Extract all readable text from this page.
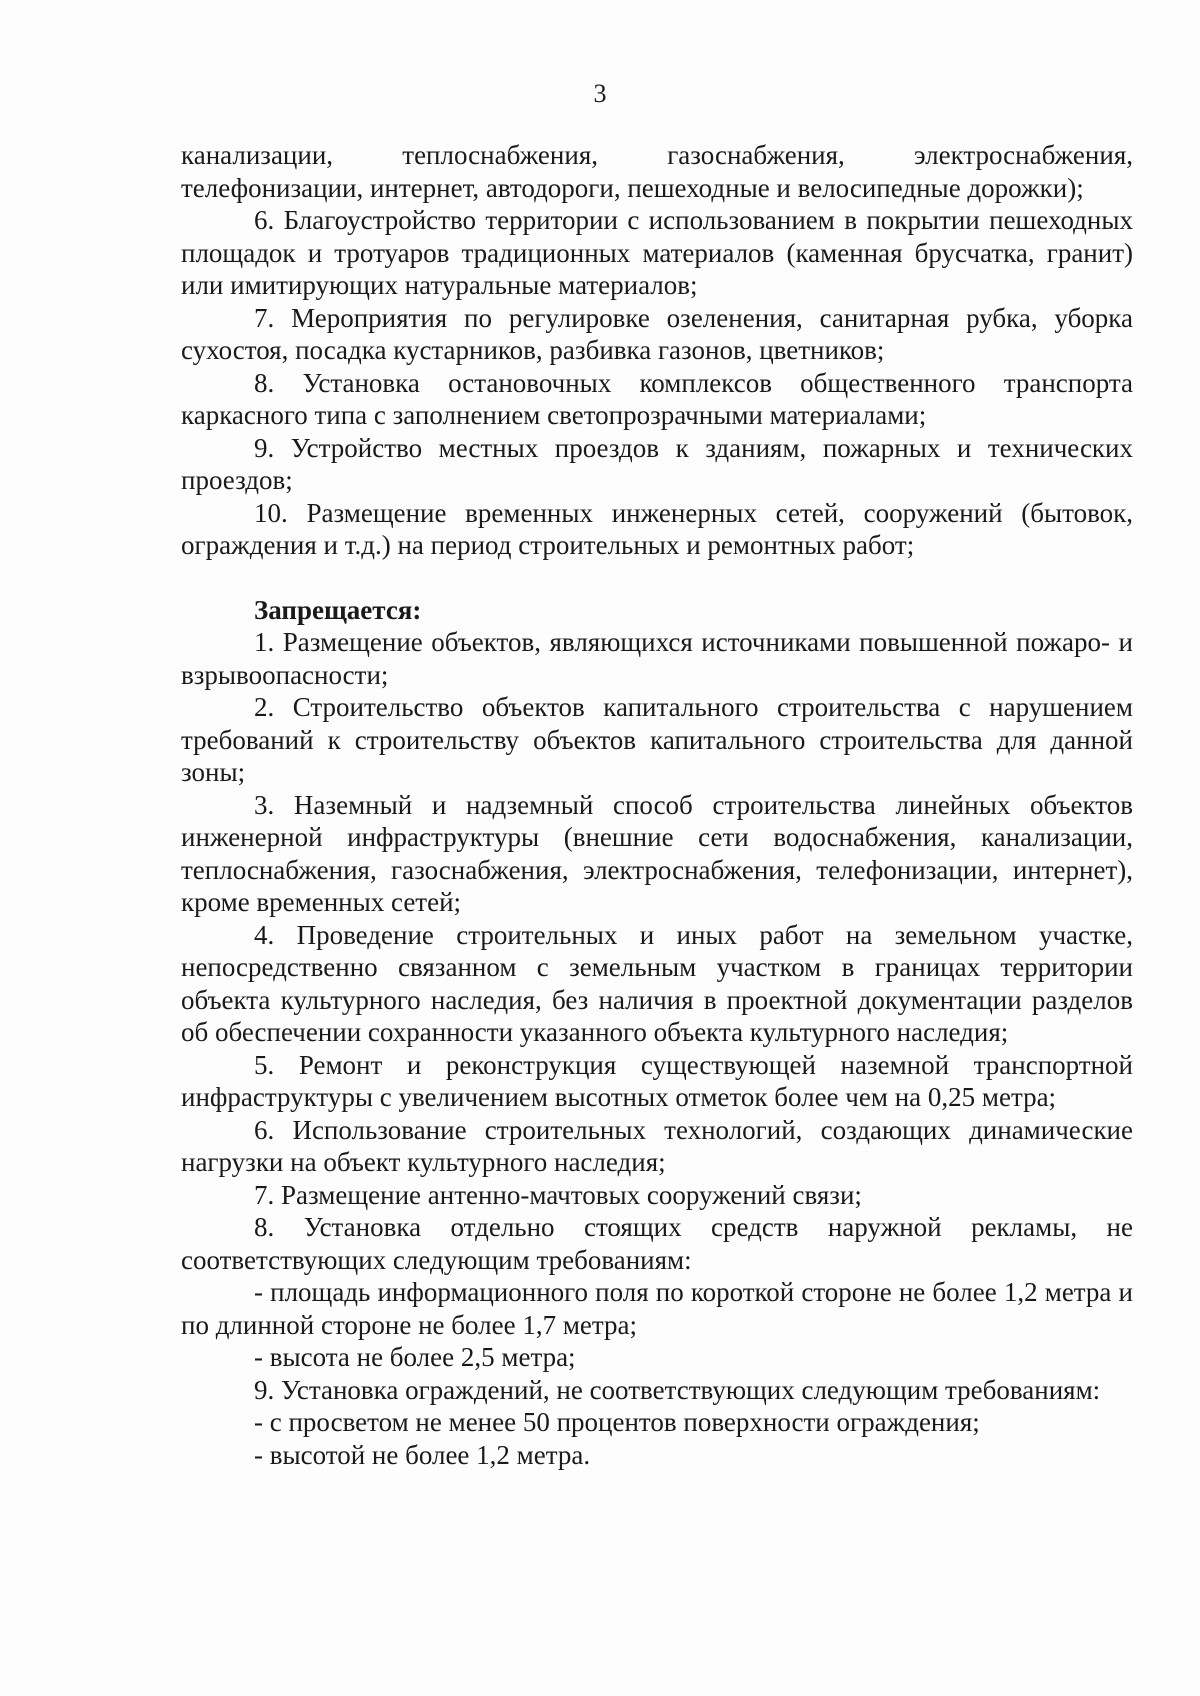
3

канализации, теплоснабжения, газоснабжения, электроснабжения, телефонизации, интернет, автодороги, пешеходные и велосипедные дорожки);

6. Благоустройство территории с использованием в покрытии пешеходных площадок и тротуаров традиционных материалов (каменная брусчатка, гранит) или имитирующих натуральные материалов;

7. Мероприятия по регулировке озеленения, санитарная рубка, уборка сухостоя, посадка кустарников, разбивка газонов, цветников;

8. Установка остановочных комплексов общественного транспорта каркасного типа с заполнением светопрозрачными материалами;

9. Устройство местных проездов к зданиям, пожарных и технических проездов;

10. Размещение временных инженерных сетей, сооружений (бытовок, ограждения и т.д.) на период строительных и ремонтных работ;

Запрещается:

1. Размещение объектов, являющихся источниками повышенной пожаро- и взрывоопасности;

2. Строительство объектов капитального строительства с нарушением требований к строительству объектов капитального строительства для данной зоны;

3. Наземный и надземный способ строительства линейных объектов инженерной инфраструктуры (внешние сети водоснабжения, канализации, теплоснабжения, газоснабжения, электроснабжения, телефонизации, интернет), кроме временных сетей;

4. Проведение строительных и иных работ на земельном участке, непосредственно связанном с земельным участком в границах территории объекта культурного наследия, без наличия в проектной документации разделов об обеспечении сохранности указанного объекта культурного наследия;

5. Ремонт и реконструкция существующей наземной транспортной инфраструктуры с увеличением высотных отметок более чем на 0,25 метра;

6. Использование строительных технологий, создающих динамические нагрузки на объект культурного наследия;

7. Размещение антенно-мачтовых сооружений связи;

8. Установка отдельно стоящих средств наружной рекламы, не соответствующих следующим требованиям:

- площадь информационного поля по короткой стороне не более 1,2 метра и по длинной стороне не более 1,7 метра;

- высота не более 2,5 метра;

9. Установка ограждений, не соответствующих следующим требованиям:

- с просветом не менее 50 процентов поверхности ограждения;

- высотой не более 1,2 метра.
